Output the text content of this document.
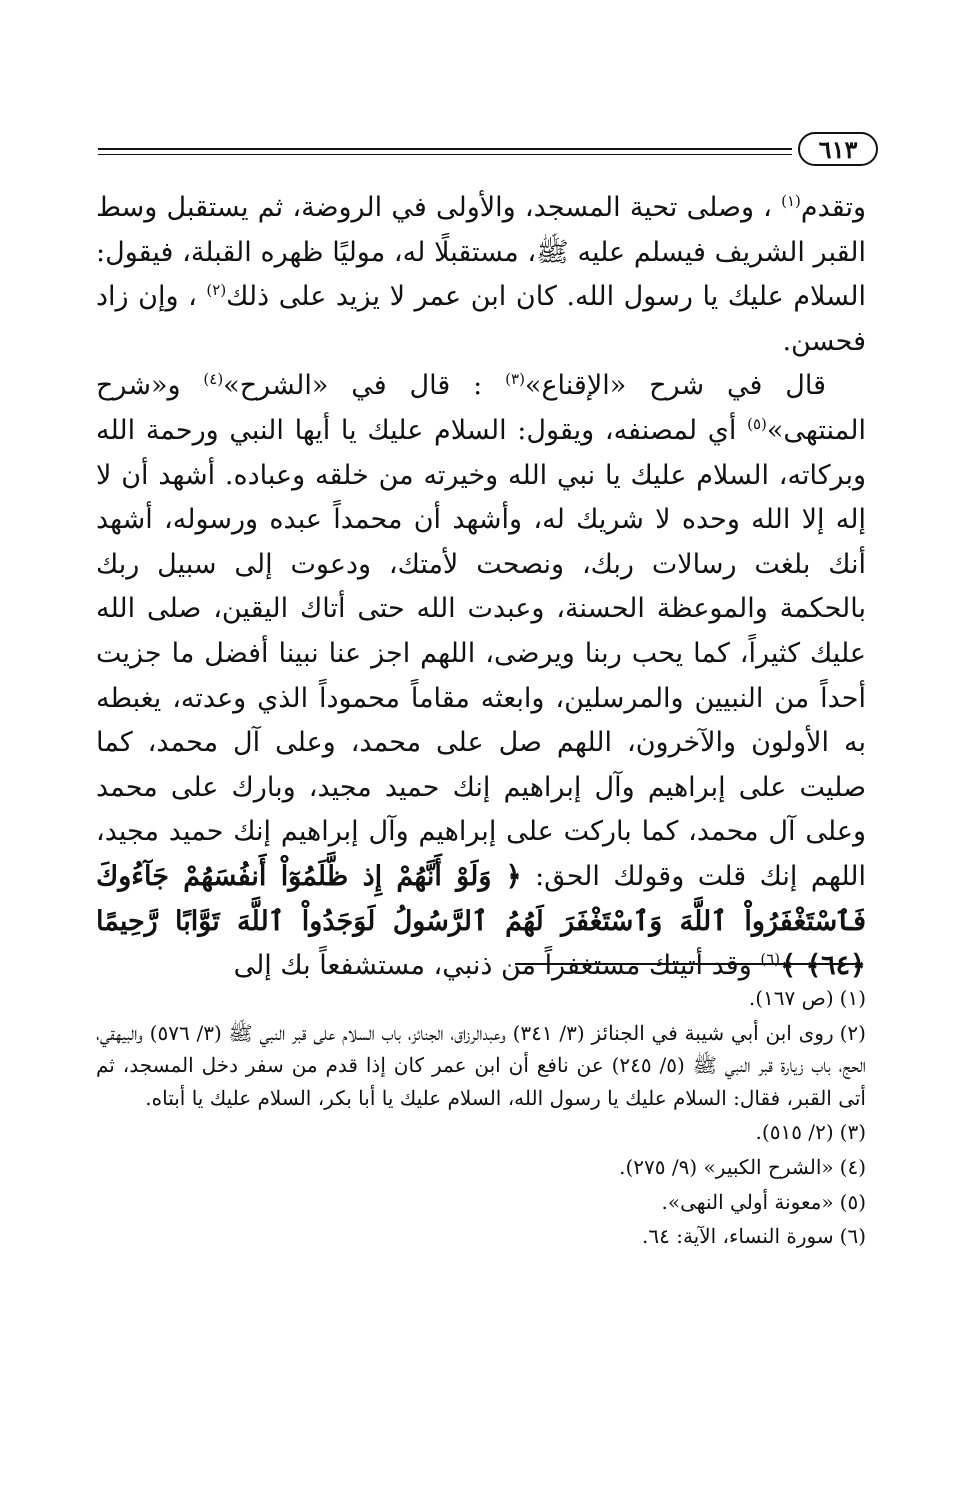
٦١٣

وتقدم$^{(١)}$ ، وصلى تحية المسجد، والأولى في الروضة، ثم يستقبل وسط القبر الشريف فيسلم عليه ﷺ، مستقبلًا له، موليًا ظهره القبلة، فيقول: السلام عليك يا رسول الله. كان ابن عمر لا يزيد على ذلك$^{(٢)}$ ، وإن زاد فحسن.

قال في شرح «الإقناع»$^{(٣)}$ : قال في «الشرح»$^{(٤)}$ و«شرح المنتهى»$^{(٥)}$ أي لمصنفه، ويقول: السلام عليك يا أيها النبي ورحمة الله وبركاته، السلام عليك يا نبي الله وخيرته من خلقه وعباده. أشهد أن لا إله إلا الله وحده لا شريك له، وأشهد أن محمداً عبده ورسوله، أشهد أنك بلغت رسالات ربك، ونصحت لأمتك، ودعوت إلى سبيل ربك بالحكمة والموعظة الحسنة، وعبدت الله حتى أتاك اليقين، صلى الله عليك كثيراً، كما يحب ربنا ويرضى، اللهم اجز عنا نبينا أفضل ما جزيت أحداً من النبيين والمرسلين، وابعثه مقاماً محموداً الذي وعدته، يغبطه به الأولون والآخرون، اللهم صل على محمد، وعلى آل محمد، كما صليت على إبراهيم وآل إبراهيم إنك حميد مجيد، وبارك على محمد وعلى آل محمد، كما باركت على إبراهيم وآل إبراهيم إنك حميد مجيد، اللهم إنك قلت وقولك الحق: ﴿ وَلَوْ أَنَّهُمْ إِذ ظَّلَمُوٓاْ أَنفُسَهُمْ جَآءُوكَ فَٱسْتَغْفَرُواْ ٱللَّهَ وَٱسْتَغْفَرَ لَهُمُ ٱلرَّسُولُ لَوَجَدُواْ ٱللَّهَ تَوَّابًا رَّحِيمًا ﴿٦٤﴾ ﴾$^{(٦)}$ وقد أتيتك مستغفراً من ذنبي، مستشفعاً بك إلى

(١)(ص ١٦٧).

(٢)روى ابن أبي شيبة في الجنائز (٣/ ٣٤١) وعبدالرزاق، الجنائز، باب السلام على قبر النبي ﷺ (٣/ ٥٧٦) والبيهقي، الحج، باب زيارة قبر النبي ﷺ (٥/ ٢٤٥) عن نافع أن ابن عمر كان إذا قدم من سفر دخل المسجد، ثم أتى القبر، فقال: السلام عليك يا رسول الله، السلام عليك يا أبا بكر، السلام عليك يا أبتاه.

(٣)(٢/ ٥١٥).

(٤)«الشرح الكبير» (٩/ ٢٧٥).

(٥)«معونة أولي النهى».

(٦)سورة النساء، الآية: ٦٤.
